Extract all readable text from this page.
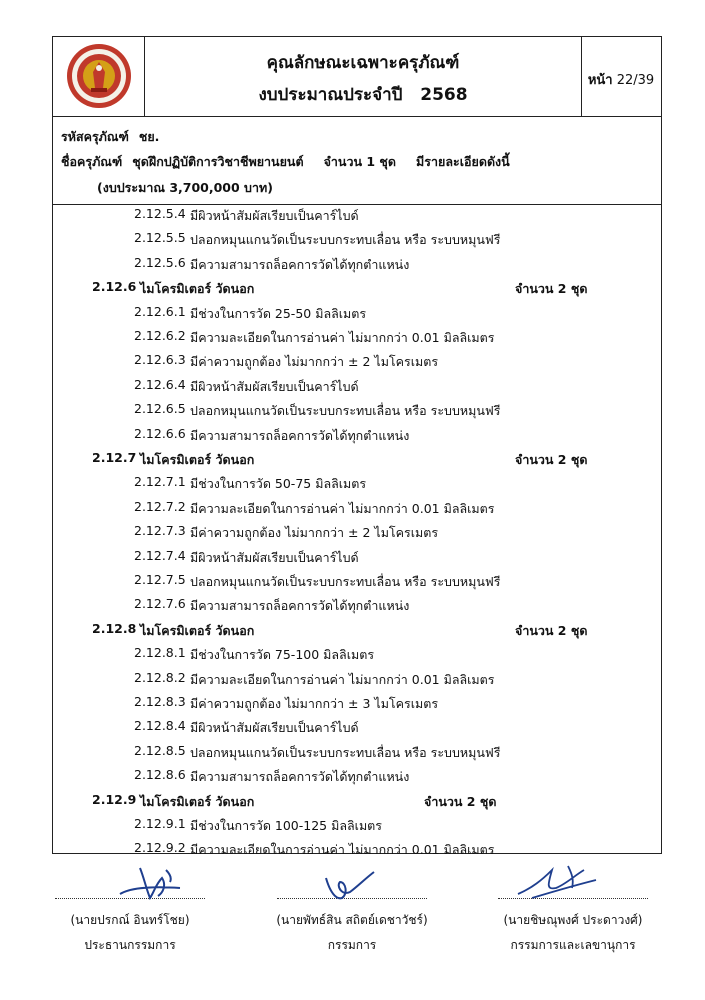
คุณลักษณะเฉพาะครุภัณฑ์
งบประมาณประจำปี 2568
หน้า 22/39
รหัสครุภัณฑ์ ชย.
ชื่อครุภัณฑ์ ชุดฝึกปฏิบัติการวิชาชีพยานยนต์ จำนวน 1 ชุด มีรายละเอียดดังนี้
(งบประมาณ 3,700,000 บาท)
2.12.5.4 มีผิวหน้าสัมผัสเรียบเป็นคาร์ไบด์
2.12.5.5 ปลอกหมุนแกนวัดเป็นระบบกระทบเลื่อน หรือ ระบบหมุนฟรี
2.12.5.6 มีความสามารถล็อคการวัดได้ทุกตำแหน่ง
2.12.6 ไมโครมิเตอร์ วัดนอก	จำนวน 2 ชุด
2.12.6.1 มีช่วงในการวัด 25-50 มิลลิเมตร
2.12.6.2 มีความละเอียดในการอ่านค่า ไม่มากกว่า 0.01 มิลลิเมตร
2.12.6.3 มีค่าความถูกต้อง ไม่มากกว่า ± 2 ไมโครเมตร
2.12.6.4 มีผิวหน้าสัมผัสเรียบเป็นคาร์ไบด์
2.12.6.5 ปลอกหมุนแกนวัดเป็นระบบกระทบเลื่อน หรือ ระบบหมุนฟรี
2.12.6.6 มีความสามารถล็อคการวัดได้ทุกตำแหน่ง
2.12.7 ไมโครมิเตอร์ วัดนอก	จำนวน 2 ชุด
2.12.7.1 มีช่วงในการวัด 50-75 มิลลิเมตร
2.12.7.2 มีความละเอียดในการอ่านค่า ไม่มากกว่า 0.01 มิลลิเมตร
2.12.7.3 มีค่าความถูกต้อง ไม่มากกว่า ± 2 ไมโครเมตร
2.12.7.4 มีผิวหน้าสัมผัสเรียบเป็นคาร์ไบด์
2.12.7.5 ปลอกหมุนแกนวัดเป็นระบบกระทบเลื่อน หรือ ระบบหมุนฟรี
2.12.7.6 มีความสามารถล็อคการวัดได้ทุกตำแหน่ง
2.12.8 ไมโครมิเตอร์ วัดนอก	จำนวน 2 ชุด
2.12.8.1 มีช่วงในการวัด 75-100 มิลลิเมตร
2.12.8.2 มีความละเอียดในการอ่านค่า ไม่มากกว่า 0.01 มิลลิเมตร
2.12.8.3 มีค่าความถูกต้อง ไม่มากกว่า ± 3 ไมโครเมตร
2.12.8.4 มีผิวหน้าสัมผัสเรียบเป็นคาร์ไบด์
2.12.8.5 ปลอกหมุนแกนวัดเป็นระบบกระทบเลื่อน หรือ ระบบหมุนฟรี
2.12.8.6 มีความสามารถล็อคการวัดได้ทุกตำแหน่ง
2.12.9 ไมโครมิเตอร์ วัดนอก	จำนวน 2 ชุด
2.12.9.1 มีช่วงในการวัด 100-125 มิลลิเมตร
2.12.9.2 มีความละเอียดในการอ่านค่า ไม่มากกว่า 0.01 มิลลิเมตร
(นายปรกณ์ อินทร์โชย)
ประธานกรรมการ
(นายพัทธ์สิน สถิตย์เดชาวัชร์)
กรรมการ
(นายชิษณุพงศ์ ประดาวงศ์)
กรรมการและเลขานุการ
